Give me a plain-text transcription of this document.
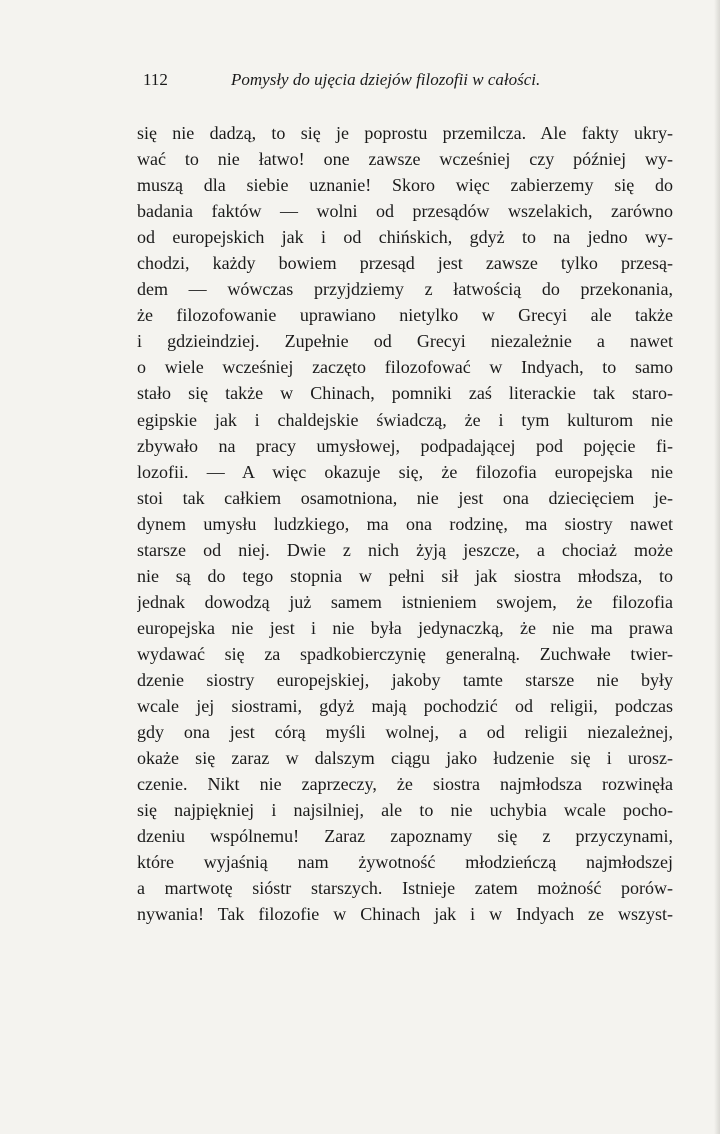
112	Pomysły do ujęcia dziejów filozofii w całości.
się nie dadzą, to się je poprostu przemilcza. Ale fakty ukry-
wać to nie łatwo! one zawsze wcześniej czy później wy-
muszą dla siebie uznanie! Skoro więc zabierzemy się do
badania faktów — wolni od przesądów wszelakich, zarówno
od europejskich jak i od chińskich, gdyż to na jedno wy-
chodzi, każdy bowiem przesąd jest zawsze tylko przesą-
dem — wówczas przyjdziemy z łatwością do przekonania,
że filozofowanie uprawiano nietylko w Grecyi ale także
i gdzieindziej. Zupełnie od Grecyi niezależnie a nawet
o wiele wcześniej zaczęto filozofować w Indyach, to samo
stało się także w Chinach, pomniki zaś literackie tak staro-
egipskie jak i chaldejskie świadczą, że i tym kulturom nie
zbywało na pracy umysłowej, podpadającej pod pojęcie fi-
lozofii. — A więc okazuje się, że filozofia europejska nie
stoi tak całkiem osamotniona, nie jest ona dziecięciem je-
dynem umysłu ludzkiego, ma ona rodzinę, ma siostry nawet
starsze od niej. Dwie z nich żyją jeszcze, a chociaż może
nie są do tego stopnia w pełni sił jak siostra młodsza, to
jednak dowodzą już samem istnieniem swojem, że filozofia
europejska nie jest i nie była jedynaczką, że nie ma prawa
wydawać się za spadkobierczynię generalną. Zuchwałe twier-
dzenie siostry europejskiej, jakoby tamte starsze nie były
wcale jej siostrami, gdyż mają pochodzić od religii, podczas
gdy ona jest córą myśli wolnej, a od religii niezależnej,
okaże się zaraz w dalszym ciągu jako łudzenie się i urosz-
czenie. Nikt nie zaprzeczy, że siostra najmłodsza rozwinęła
się najpiękniej i najsilniej, ale to nie uchybia wcale pocho-
dzeniu wspólnemu! Zaraz zapoznamy się z przyczynami,
które wyjaśnią nam żywotność młodzieńczą najmłodszej
a martwotę sióstr starszych. Istnieje zatem możność porów-
nywania! Tak filozofie w Chinach jak i w Indyach ze wszyst-
